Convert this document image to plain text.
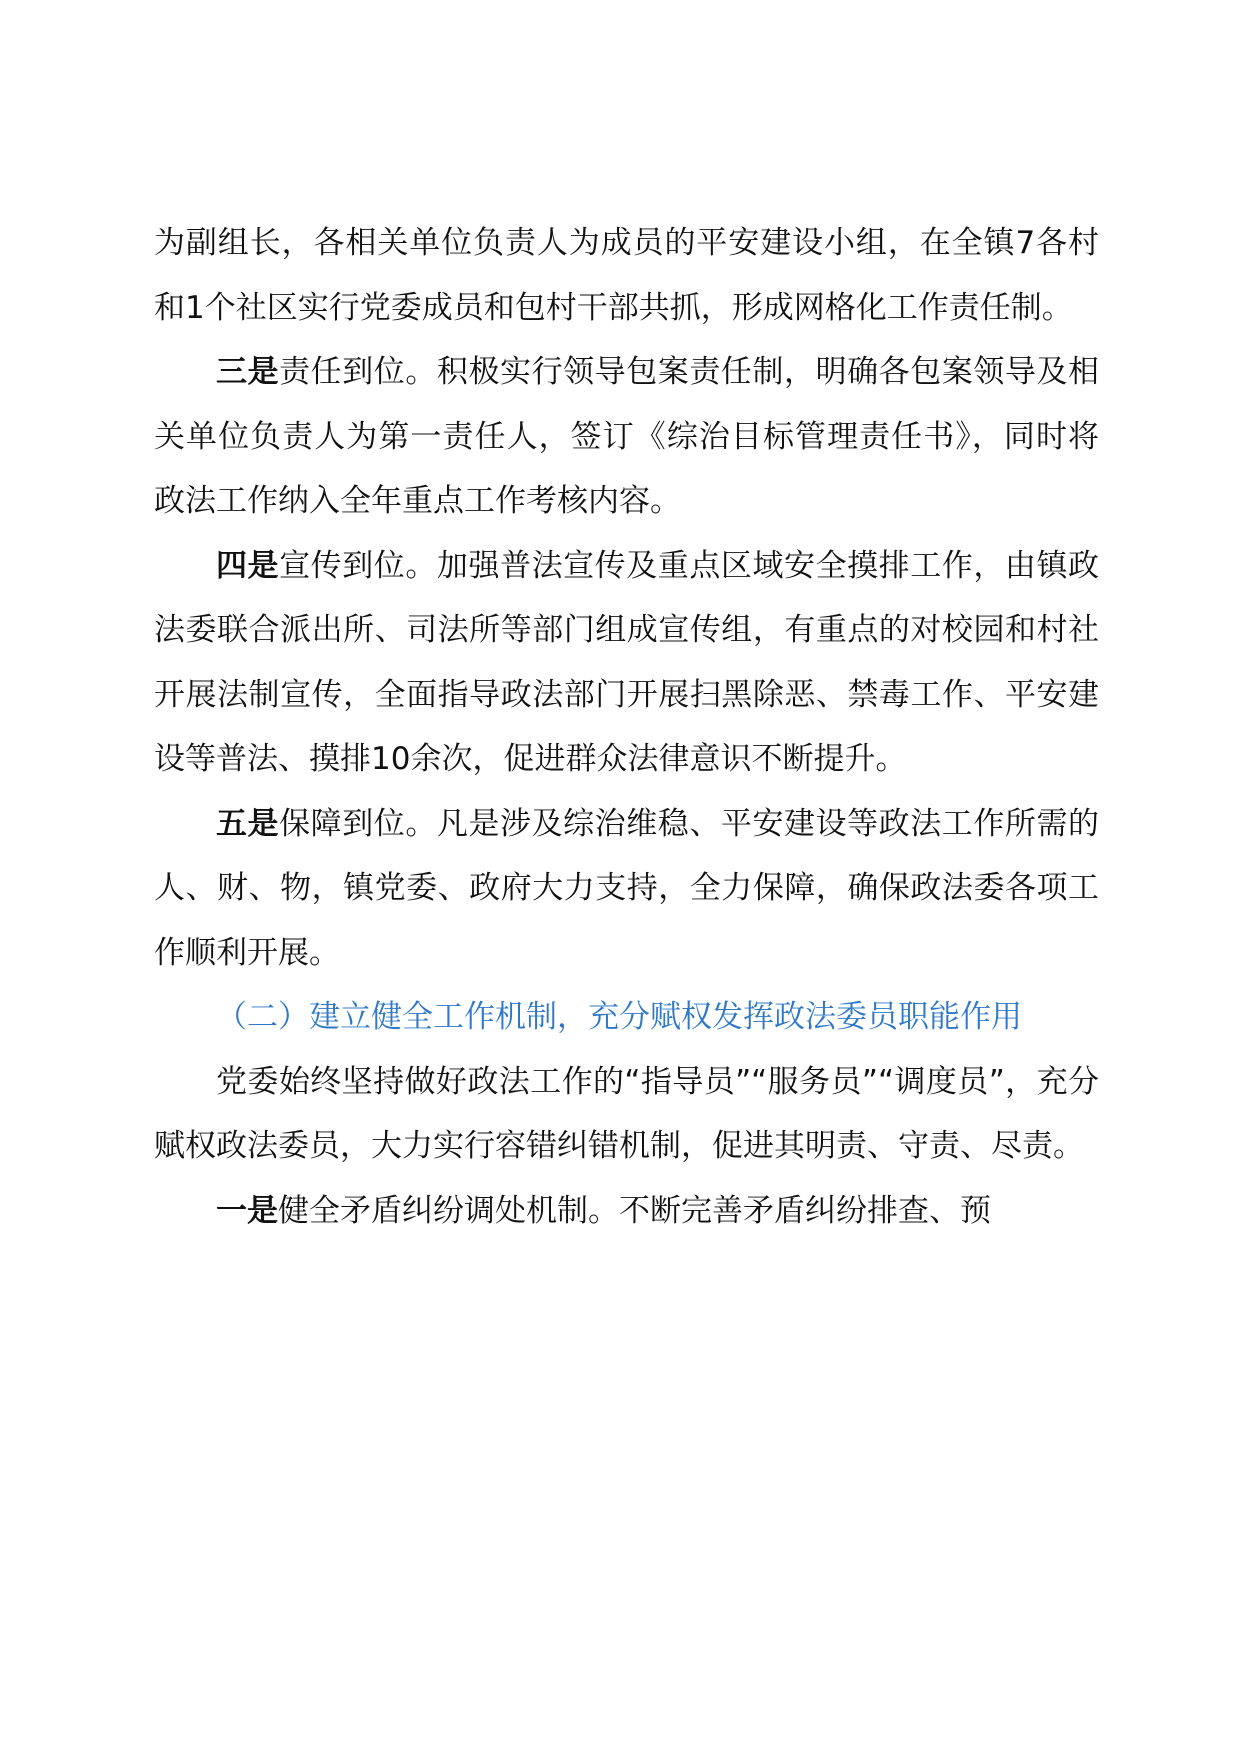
为副组长，各相关单位负责人为成员的平安建设小组，在全镇7各村和1个社区实行党委成员和包村干部共抓，形成网格化工作责任制。

三是责任到位。积极实行领导包案责任制，明确各包案领导及相关单位负责人为第一责任人，签订《综治目标管理责任书》，同时将政法工作纳入全年重点工作考核内容。

四是宣传到位。加强普法宣传及重点区域安全摸排工作，由镇政法委联合派出所、司法所等部门组成宣传组，有重点的对校园和村社开展法制宣传，全面指导政法部门开展扫黑除恶、禁毒工作、平安建设等普法、摸排10余次，促进群众法律意识不断提升。

五是保障到位。凡是涉及综治维稳、平安建设等政法工作所需的人、财、物，镇党委、政府大力支持，全力保障，确保政法委各项工作顺利开展。

（二）建立健全工作机制，充分赋权发挥政法委员职能作用

党委始终坚持做好政法工作的“指导员”“服务员”“调度员”，充分赋权政法委员，大力实行容错纠错机制，促进其明责、守责、尽责。

一是健全矛盾纠纷调处机制。不断完善矛盾纠纷排查、预
